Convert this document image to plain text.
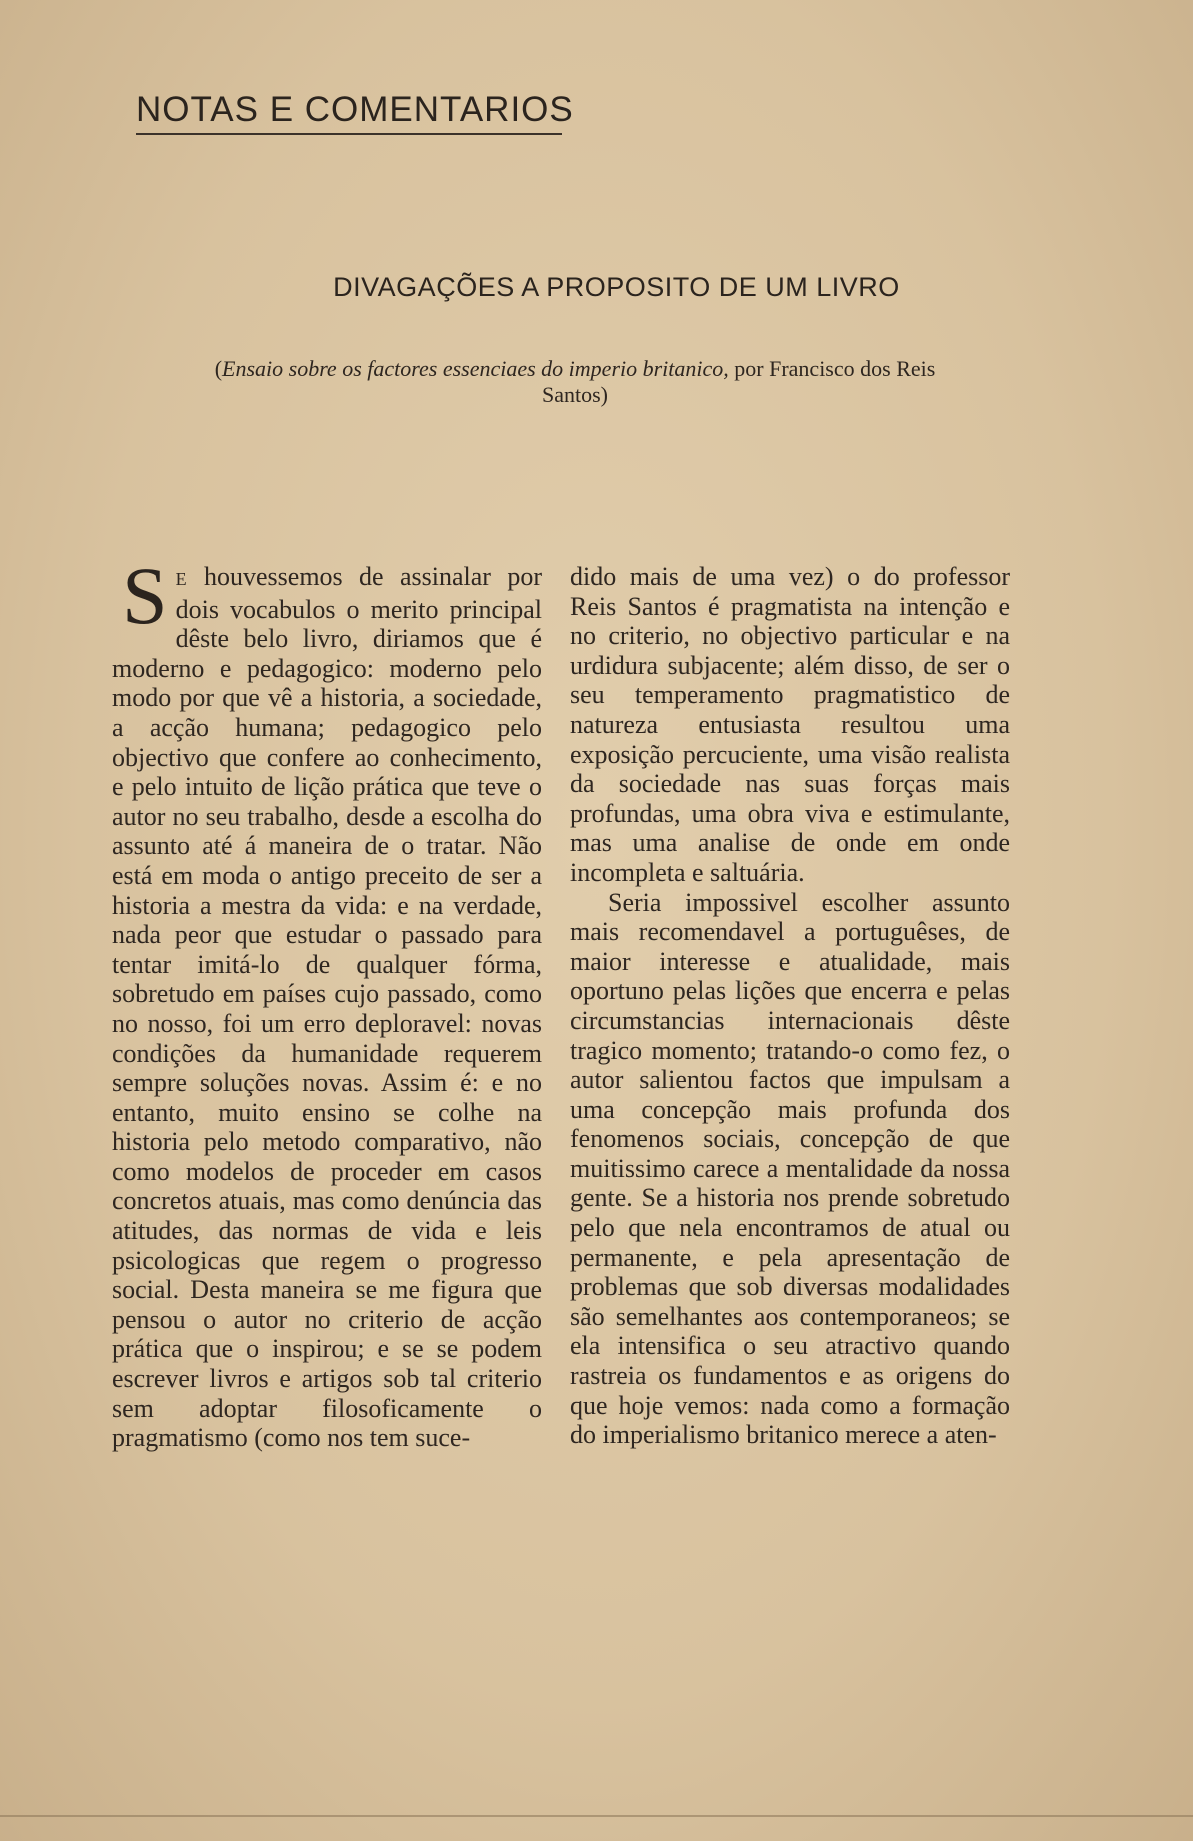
NOTAS E COMENTARIOS
DIVAGAÇÕES A PROPOSITO DE UM LIVRO
(Ensaio sobre os factores essenciaes do imperio britanico, por Francisco dos Reis Santos)

S E houvessemos de assinalar por dois vocabulos o merito principal dêste belo livro, diriamos que é moderno e pedagogico: moderno pelo modo por que vê a historia, a sociedade, a acção humana; pedagogico pelo objectivo que confere ao conhecimento, e pelo intuito de lição prática que teve o autor no seu trabalho, desde a escolha do assunto até á maneira de o tratar. Não está em moda o antigo preceito de ser a historia a mestra da vida: e na verdade, nada peor que estudar o passado para tentar imitá-lo de qualquer fórma, sobretudo em países cujo passado, como no nosso, foi um erro deploravel: novas condições da humanidade requerem sempre soluções novas. Assim é: e no entanto, muito ensino se colhe na historia pelo metodo comparativo, não como modelos de proceder em casos concretos atuais, mas como denúncia das atitudes, das normas de vida e leis psicologicas que regem o progresso social. Desta maneira se me figura que pensou o autor no criterio de acção prática que o inspirou; e se se podem escrever livros e artigos sob tal criterio sem adoptar filosoficamente o pragmatismo (como nos tem suce-

dido mais de uma vez) o do professor Reis Santos é pragmatista na intenção e no criterio, no objectivo particular e na urdidura subjacente; além disso, de ser o seu temperamento pragmatistico de natureza entusiasta resultou uma exposição percuciente, uma visão realista da sociedade nas suas forças mais profundas, uma obra viva e estimulante, mas uma analise de onde em onde incompleta e saltuária.

Seria impossivel escolher assunto mais recomendavel a portuguêses, de maior interesse e atualidade, mais oportuno pelas lições que encerra e pelas circumstancias internacionais dêste tragico momento; tratando-o como fez, o autor salientou factos que impulsam a uma concepção mais profunda dos fenomenos sociais, concepção de que muitissimo carece a mentalidade da nossa gente. Se a historia nos prende sobretudo pelo que nela encontramos de atual ou permanente, e pela apresentação de problemas que sob diversas modalidades são semelhantes aos contemporaneos; se ela intensifica o seu atractivo quando rastreia os fundamentos e as origens do que hoje vemos: nada como a formação do imperialismo britanico merece a aten-
